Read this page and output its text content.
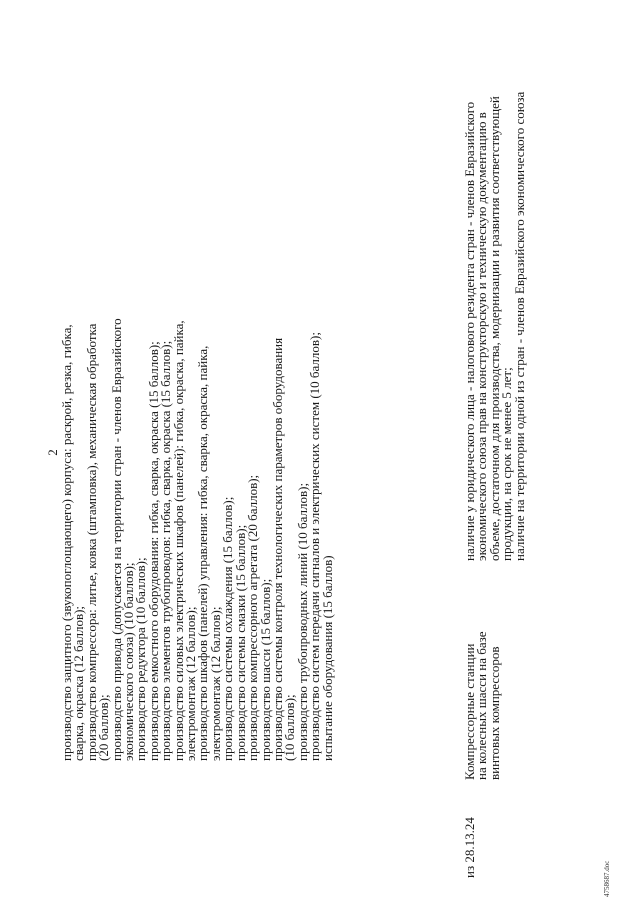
2 производство защитного (звукопоглощающего) корпуса: раскрой, резка, гибка,
сварка, окраска (12 баллов);
производство компрессора: литье, ковка (штамповка), механическая обработка
(20 баллов);
производство привода (допускается на территории стран - членов Евразийского
экономического союза) (10 баллов);
производство редуктора (10 баллов);
производство емкостного оборудования: гибка, сварка, окраска (15 баллов);
производство элементов трубопроводов: гибка, сварка, окраска (15 баллов);
производство силовых электрических шкафов (панелей): гибка, окраска, пайка,
электромонтаж (12 баллов);
производство шкафов (панелей) управления: гибка, сварка, окраска, пайка,
электромонтаж (12 баллов);
производство системы охлаждения (15 баллов);
производство системы смазки (15 баллов);
производство компрессорного агрегата (20 баллов);
производство шасси (15 баллов);
производство системы контроля технологических параметров оборудования
(10 баллов);
производство трубопроводных линий (10 баллов);
производство систем передачи сигналов и электрических систем (10 баллов);
испытание оборудования (15 баллов)
из 28.13.24
Компрессорные станции
на колесных шасси на базе
винтовых компрессоров
наличие у юридического лица - налогового резидента стран - членов Евразийского
экономического союза прав на конструкторскую и техническую документацию в
объеме, достаточном для производства, модернизации и развития соответствующей
продукции, на срок не менее 5 лет;
наличие на территории одной из стран - членов Евразийского экономического союза
4758687.doc
